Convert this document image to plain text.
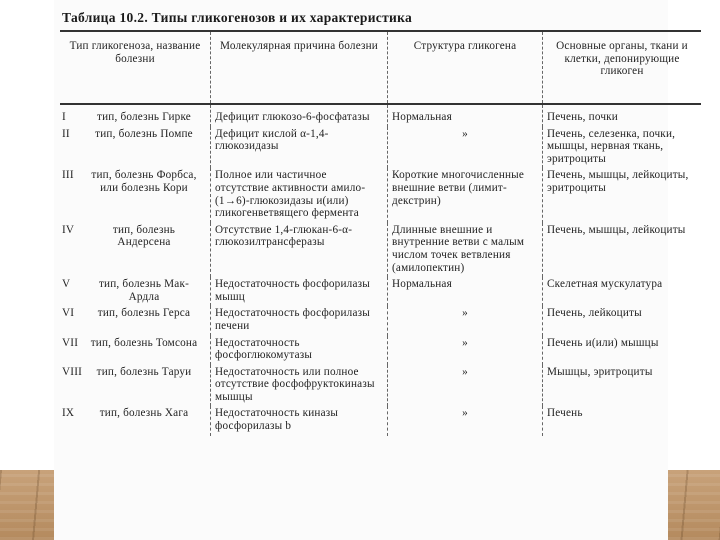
Таблица 10.2. Типы гликогенозов и их характеристика
Тип гликогеноза, название болезни	Молекулярная причина болезни	Структура гликогена	Основные органы, ткани и клетки, депонирующие гликоген
I тип, болезнь Гирке	Дефицит глюкозо-6-фосфатазы	Нормальная	Печень, почки
II тип, болезнь Помпе	Дефицит кислой α-1,4-глюкозидазы	»	Печень, селезенка, почки, мышцы, нервная ткань, эритроциты
III тип, болезнь Форбса, или болезнь Кори	Полное или частичное отсутствие активности амило-(1→6)-глюкозидазы и(или) гликогенветвящего фермента	Короткие многочисленные внешние ветви (лимит-декстрин)	Печень, мышцы, лейкоциты, эритроциты
IV тип, болезнь Андерсена	Отсутствие 1,4-глюкан-6-α-глюкозилтрансферазы	Длинные внешние и внутренние ветви с малым числом точек ветвления (амилопектин)	Печень, мышцы, лейкоциты
V тип, болезнь Мак-Ардла	Недостаточность фосфорилазы мышц	Нормальная	Скелетная мускулатура
VI тип, болезнь Герса	Недостаточность фосфорилазы печени	»	Печень, лейкоциты
VII тип, болезнь Томсона	Недостаточность фосфоглюкомутазы	»	Печень и(или) мышцы
VIII тип, болезнь Таруи	Недостаточность или полное отсутствие фосфофруктокиназы мышцы	»	Мышцы, эритроциты
IX тип, болезнь Хага	Недостаточность киназы фосфорилазы b	»	Печень
